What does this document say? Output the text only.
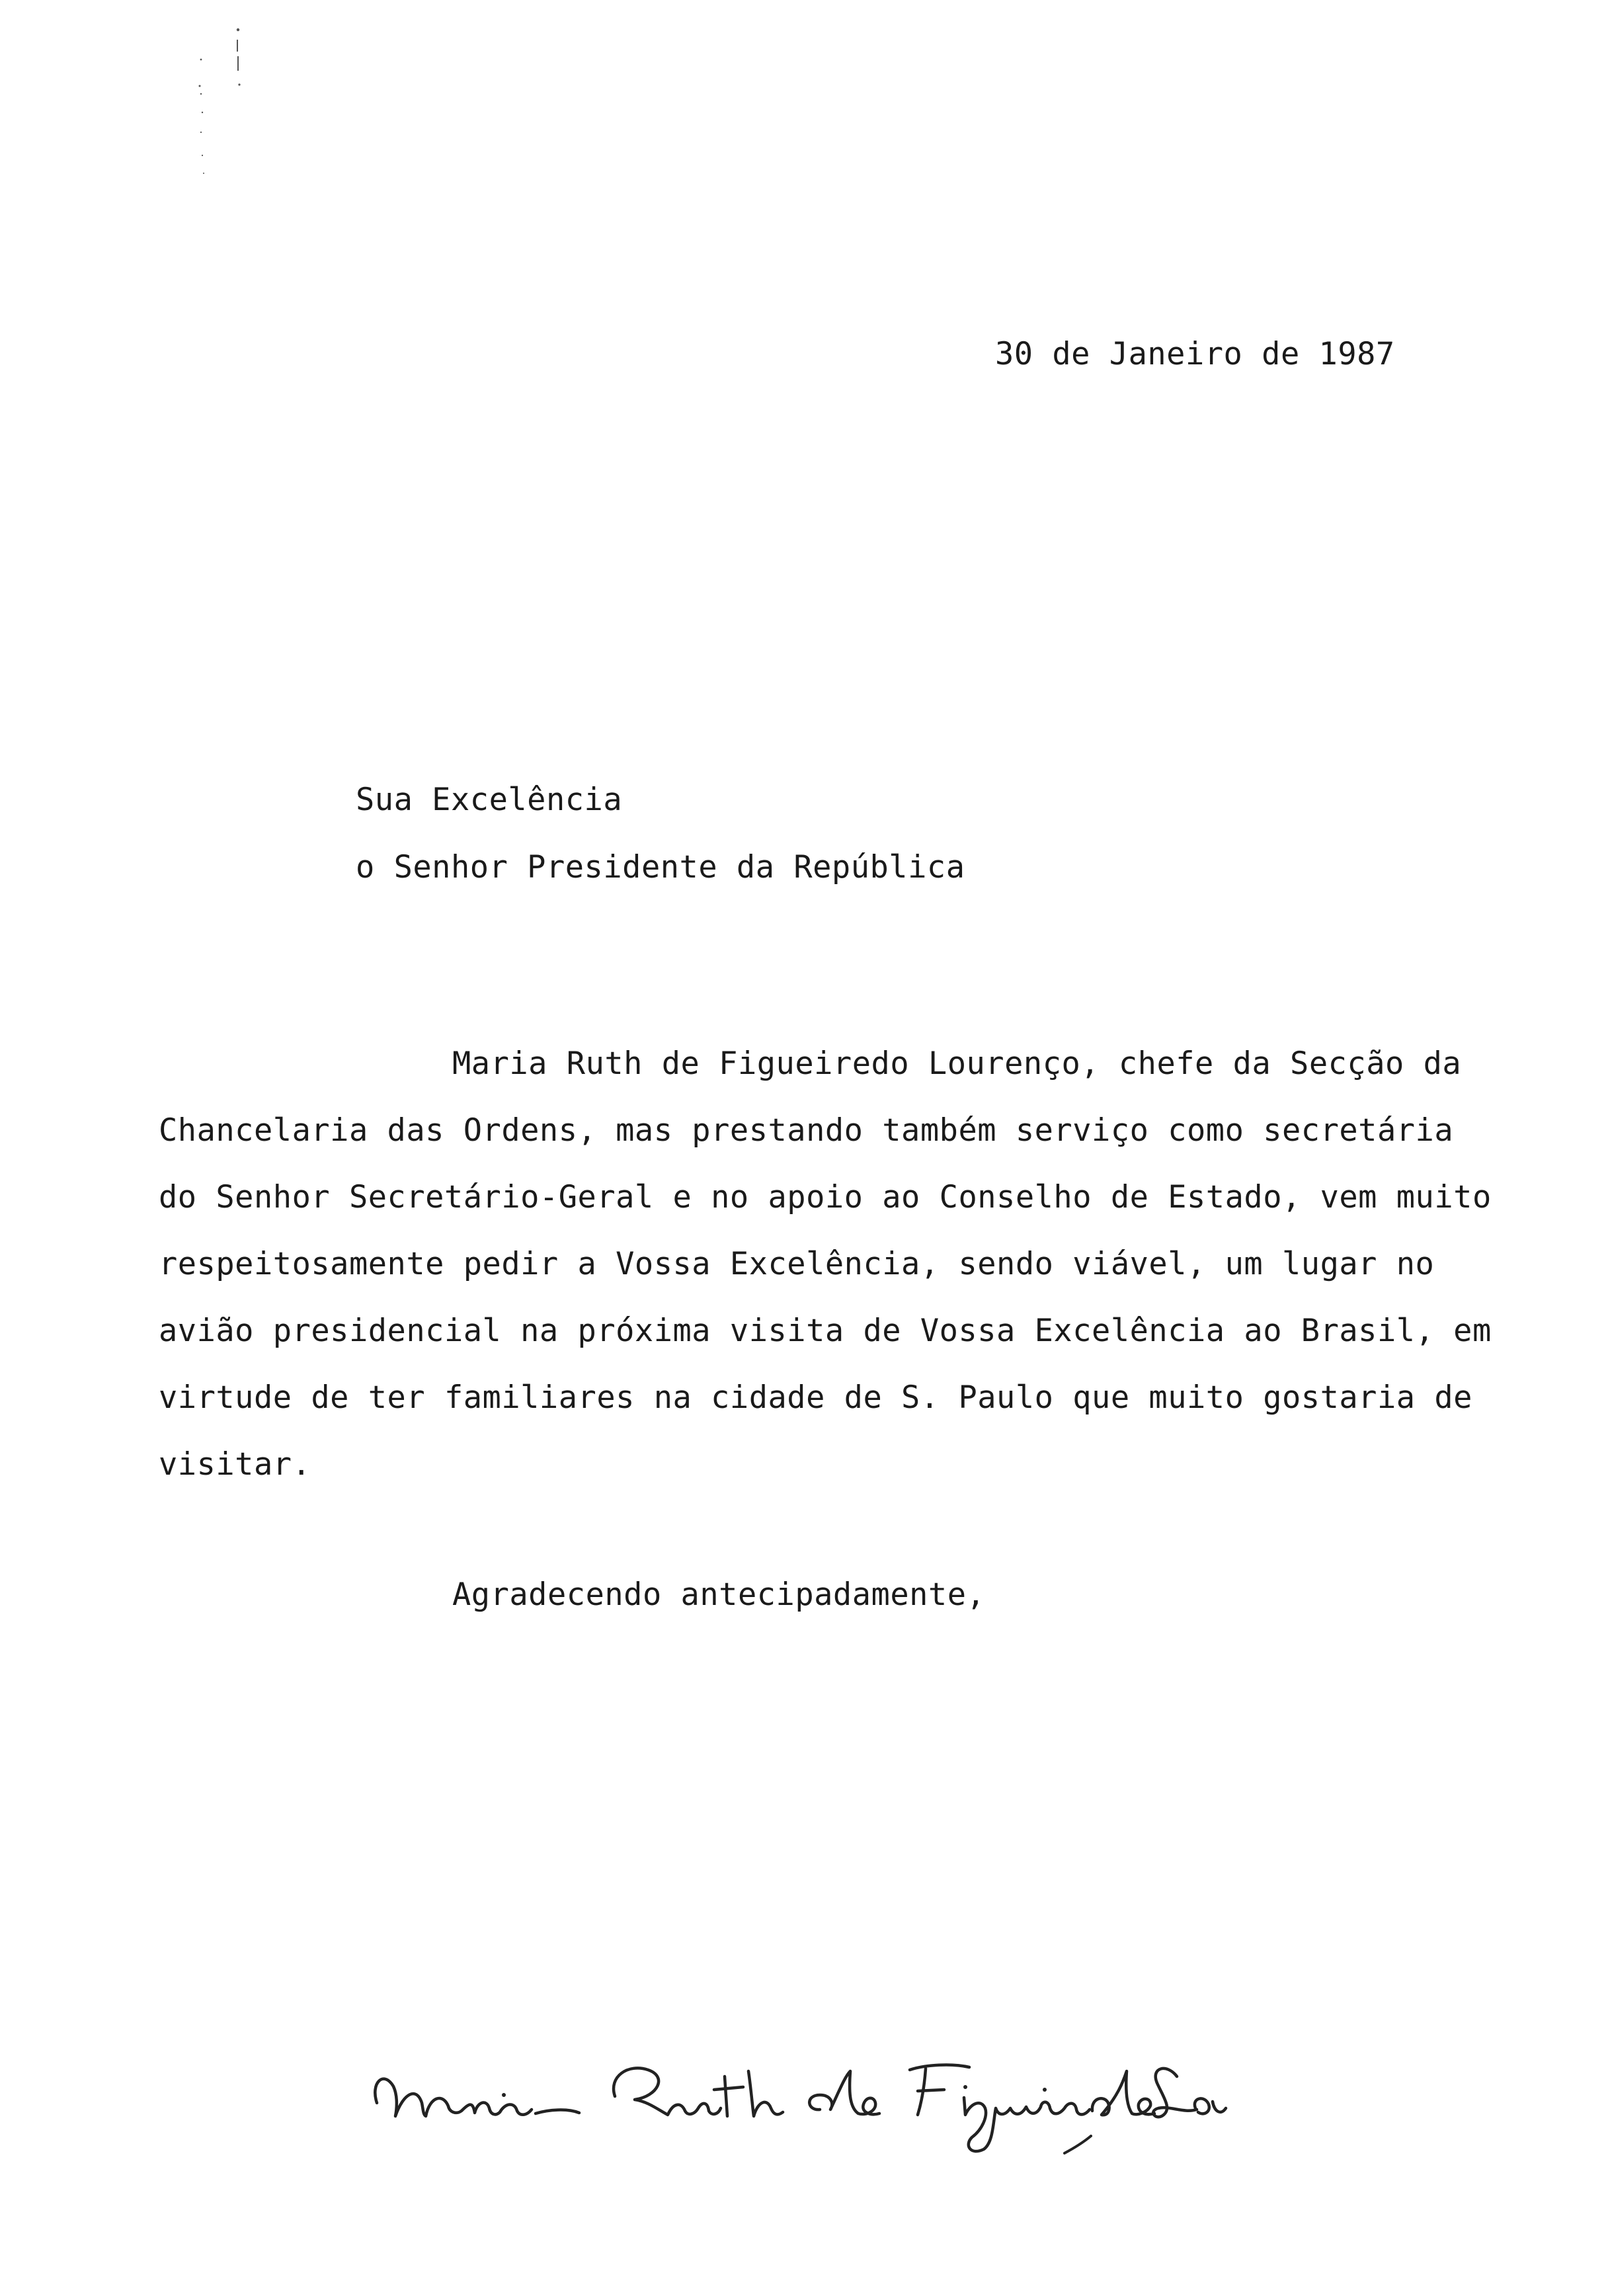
30 de Janeiro de 1987
Sua Excelência
o Senhor Presidente da República
Maria Ruth de Figueiredo Lourenço, chefe da Secção da
Chancelaria das Ordens, mas prestando também serviço como secretária
do Senhor Secretário-Geral e no apoio ao Conselho de Estado, vem muito
respeitosamente pedir a Vossa Excelência, sendo viável, um lugar no
avião presidencial na próxima visita de Vossa Excelência ao Brasil, em
virtude de ter familiares na cidade de S. Paulo que muito gostaria de
visitar.
Agradecendo antecipadamente,
